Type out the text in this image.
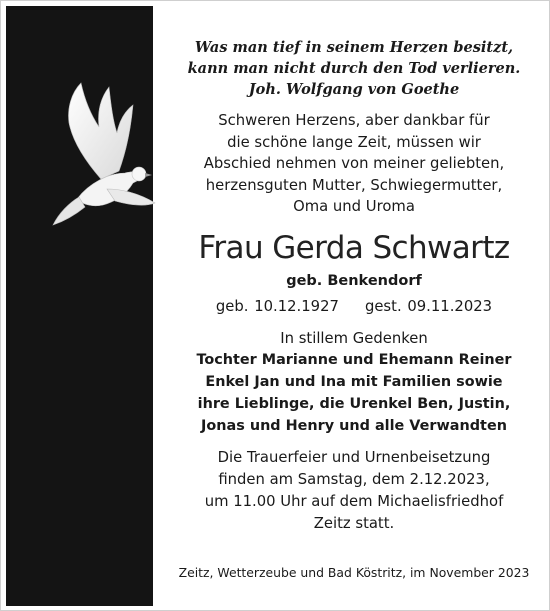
Was man tief in seinem Herzen besitzt,
kann man nicht durch den Tod verlieren.
Joh. Wolfgang von Goethe

Schweren Herzens, aber dankbar für
die schöne lange Zeit, müssen wir
Abschied nehmen von meiner geliebten,
herzensguten Mutter, Schwiegermutter,
Oma und Uroma
Frau Gerda Schwartz
geb. Benkendorf
geb. 10.12.1927 gest. 09.11.2023
In stillem Gedenken
Tochter Marianne und Ehemann Reiner
Enkel Jan und Ina mit Familien sowie
ihre Lieblinge, die Urenkel Ben, Justin,
Jonas und Henry und alle Verwandten
Die Trauerfeier und Urnenbeisetzung
finden am Samstag, dem 2.12.2023,
um 11.00 Uhr auf dem Michaelisfriedhof
Zeitz statt.
Zeitz, Wetterzeube und Bad Köstritz, im November 2023
